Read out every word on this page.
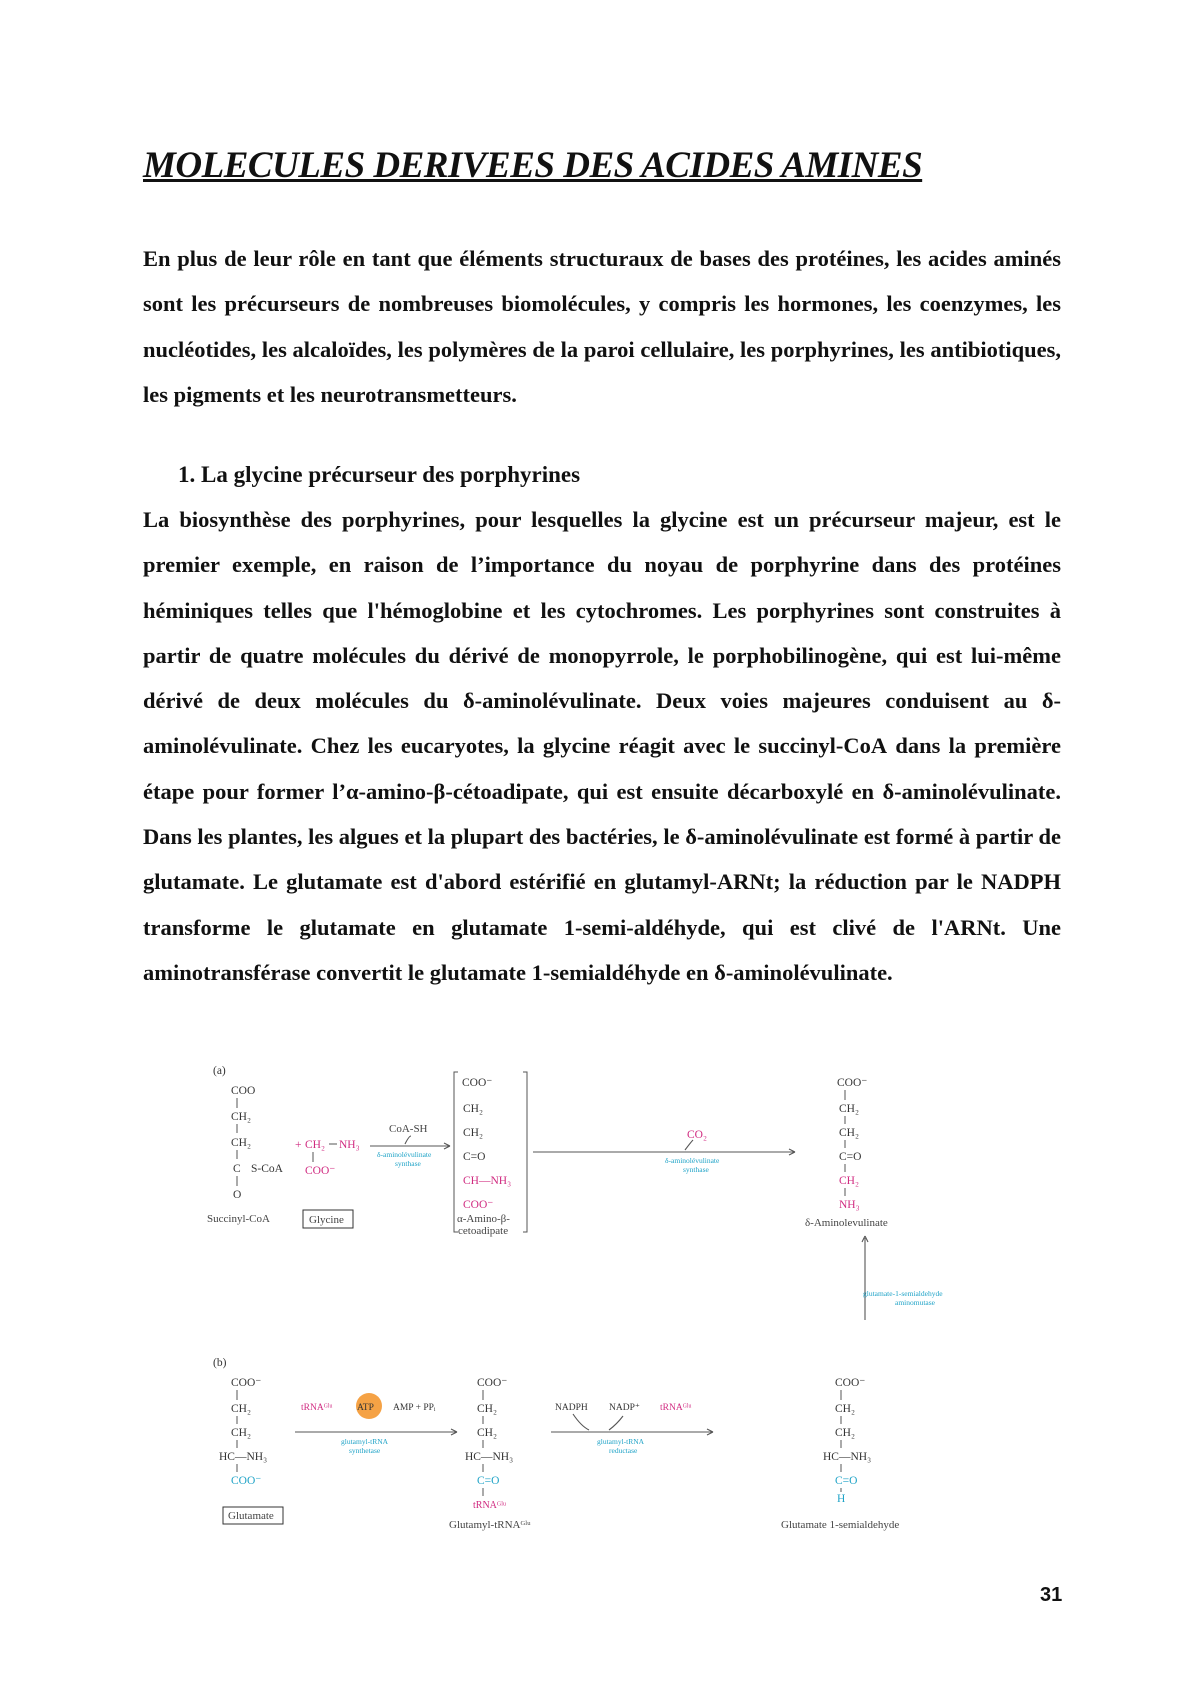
MOLECULES DERIVEES DES ACIDES AMINES

En plus de leur rôle en tant que éléments structuraux de bases des protéines, les acides aminés sont les précurseurs de nombreuses biomolécules, y compris les hormones, les coenzymes, les nucléotides, les alcaloïdes, les polymères de la paroi cellulaire, les porphyrines, les antibiotiques, les pigments et les neurotransmetteurs.

1. La glycine précurseur des porphyrines

La biosynthèse des porphyrines, pour lesquelles la glycine est un précurseur majeur, est le premier exemple, en raison de l’importance du noyau de porphyrine dans des protéines héminiques telles que l'hémoglobine et les cytochromes. Les porphyrines sont construites à partir de quatre molécules du dérivé de monopyrrole, le porphobilinogène, qui est lui-même dérivé de deux molécules du δ-aminolévulinate. Deux voies majeures conduisent au δ-aminolévulinate. Chez les eucaryotes, la glycine réagit avec le succinyl-CoA dans la première étape pour former l’α-amino-β-cétoadipate, qui est ensuite décarboxylé en δ-aminolévulinate. Dans les plantes, les algues et la plupart des bactéries, le δ-aminolévulinate est formé à partir de glutamate. Le glutamate est d'abord estérifié en glutamyl-ARNt; la réduction par le NADPH transforme le glutamate en glutamate 1-semi-aldéhyde, qui est clivé de l'ARNt. Une aminotransférase convertit le glutamate 1-semialdéhyde en δ-aminolévulinate.

(a)
COO
CH₂
CH₂
C S-CoA
O
Succinyl-CoA
+ CH₂ NH₃
COO⁻
Glycine
CoA-SH
δ-aminolévulinate
synthase
COO⁻
CH₂
CH₂
C=O
CH—NH₃
COO⁻
α-Amino-β-
cetoadipate
CO₂
δ-aminolévulinate
synthase
COO⁻
CH₂
CH₂
C=O
CH₂
NH₃
δ-Aminolevulinate
glutamate-1-semialdehyde
aminomutase
(b)
COO⁻
CH₂
CH₂
HC—NH₃
COO⁻
Glutamate
tRNAᴳˡᵘ	ATP AMP + PPᵢ
glutamyl-tRNA
synthetase
COO⁻
CH₂
CH₂
HC—NH₃
C=O
tRNAᴳˡᵘ
Glutamyl-tRNAᴳˡᵘ
NADPH NADP⁺ tRNAᴳˡᵘ
glutamyl-tRNA
reductase
COO⁻
CH₂
CH₂
HC—NH₃
C=O
H
Glutamate 1-semialdehyde
31
